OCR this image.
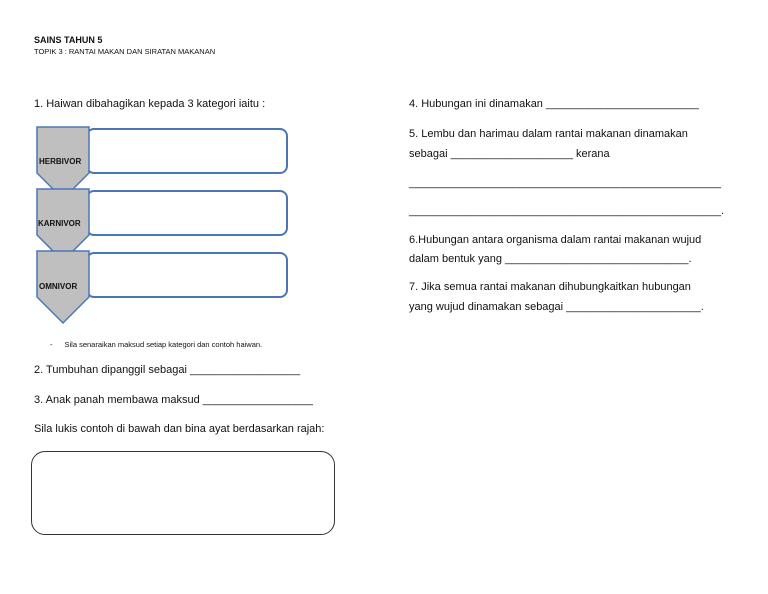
SAINS TAHUN 5
TOPIK 3 : RANTAI MAKAN DAN SIRATAN MAKANAN
1. Haiwan dibahagikan kepada 3 kategori iaitu :
HERBIVOR
KARNIVOR
OMNIVOR
- Sila senaraikan maksud setiap kategori dan contoh haiwan.
2. Tumbuhan dipanggil sebagai __________________
3. Anak panah membawa maksud __________________
Sila lukis contoh di bawah dan bina ayat berdasarkan rajah:
4. Hubungan ini dinamakan _________________________
5. Lembu dan harimau dalam rantai makanan dinamakan
sebagai ____________________ kerana
___________________________________________________
___________________________________________________.
6.Hubungan antara organisma dalam rantai makanan wujud
dalam bentuk yang ______________________________.
7. Jika semua rantai makanan dihubungkaitkan hubungan
yang wujud dinamakan sebagai ______________________.
